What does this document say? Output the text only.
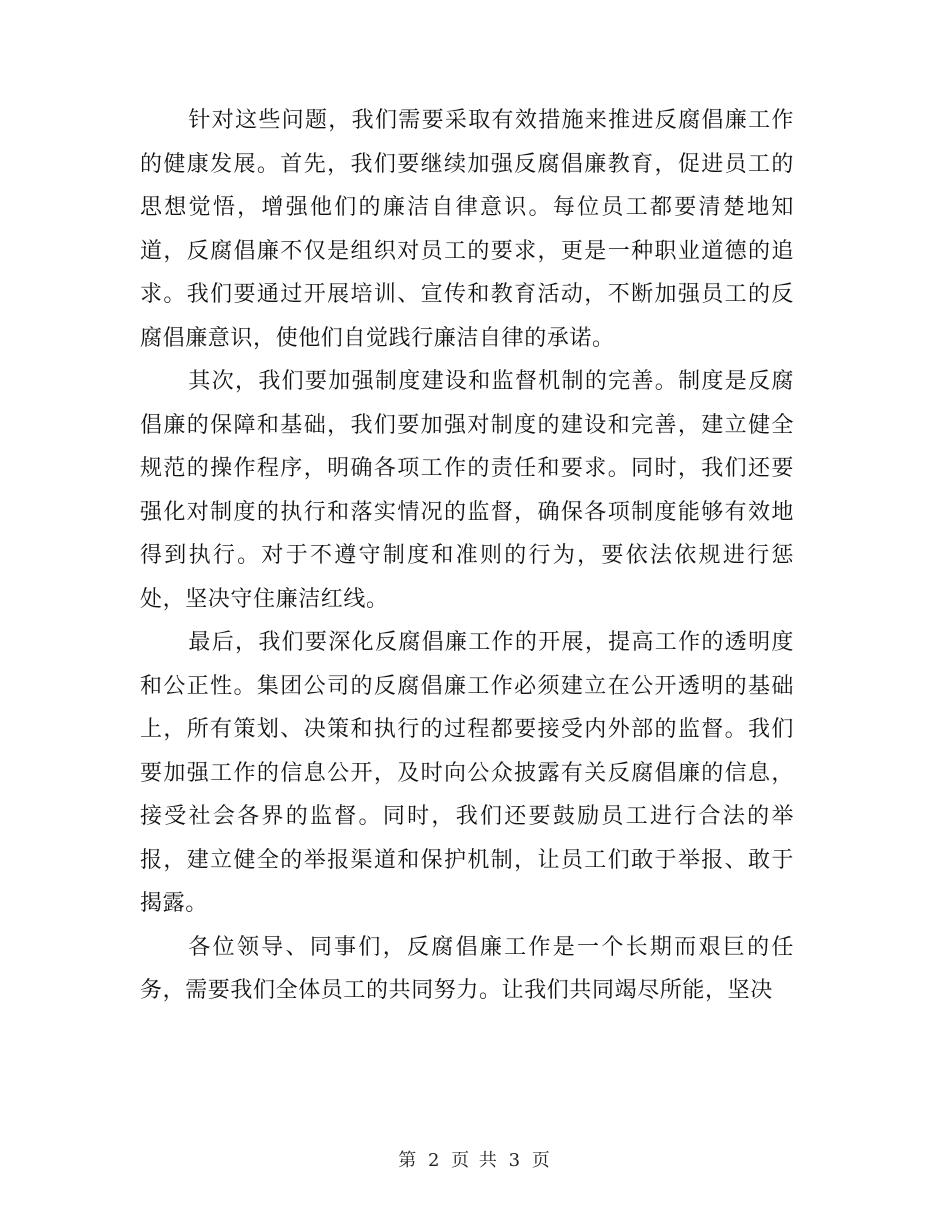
针对这些问题，我们需要采取有效措施来推进反腐倡廉工作的健康发展。首先，我们要继续加强反腐倡廉教育，促进员工的思想觉悟，增强他们的廉洁自律意识。每位员工都要清楚地知道，反腐倡廉不仅是组织对员工的要求，更是一种职业道德的追求。我们要通过开展培训、宣传和教育活动，不断加强员工的反腐倡廉意识，使他们自觉践行廉洁自律的承诺。

其次，我们要加强制度建设和监督机制的完善。制度是反腐倡廉的保障和基础，我们要加强对制度的建设和完善，建立健全规范的操作程序，明确各项工作的责任和要求。同时，我们还要强化对制度的执行和落实情况的监督，确保各项制度能够有效地得到执行。对于不遵守制度和准则的行为，要依法依规进行惩处，坚决守住廉洁红线。

最后，我们要深化反腐倡廉工作的开展，提高工作的透明度和公正性。集团公司的反腐倡廉工作必须建立在公开透明的基础上，所有策划、决策和执行的过程都要接受内外部的监督。我们要加强工作的信息公开，及时向公众披露有关反腐倡廉的信息，接受社会各界的监督。同时，我们还要鼓励员工进行合法的举报，建立健全的举报渠道和保护机制，让员工们敢于举报、敢于揭露。

各位领导、同事们，反腐倡廉工作是一个长期而艰巨的任务，需要我们全体员工的共同努力。让我们共同竭尽所能，坚决

第 2 页 共 3 页
